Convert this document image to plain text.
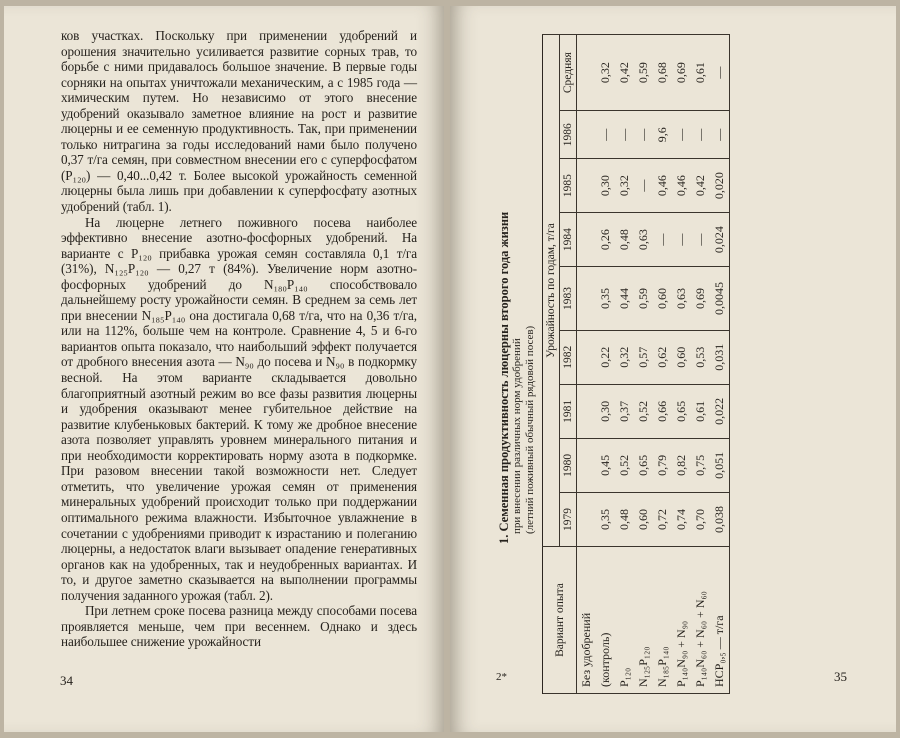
ков участках. Поскольку при применении удобрений и орошения значительно усиливается развитие сорных трав, то борьбе с ними придавалось большое значение. В первые годы сорняки на опытах уничтожали механическим, а с 1985 года — химическим путем. Но независимо от этого внесение удобрений оказывало заметное влияние на рост и развитие люцерны и ее семенную продуктивность. Так, при применении только нитрагина за годы исследований нами было получено 0,37 т/га семян, при совместном внесении его с суперфосфатом (P₁₂₀) — 0,40...0,42 т. Более высокой урожайность семенной люцерны была лишь при добавлении к суперфосфату азотных удобрений (табл. 1).

На люцерне летнего поживного посева наиболее эффективно внесение азотно-фосфорных удобрений. На варианте с P₁₂₀ прибавка урожая семян составляла 0,1 т/га (31%), N₁₂₅P₁₂₀ — 0,27 т (84%). Увеличение норм азотно-фосфорных удобрений до N₁₈₀P₁₄₀ способствовало дальнейшему росту урожайности семян. В среднем за семь лет при внесении N₁₈₅P₁₄₀ она достигала 0,68 т/га, что на 0,36 т/га, или на 112%, больше чем на контроле. Сравнение 4, 5 и 6-го вариантов опыта показало, что наибольший эффект получается от дробного внесения азота — N₉₀ до посева и N₉₀ в подкормку весной. На этом варианте складывается довольно благоприятный азотный режим во все фазы развития люцерны и удобрения оказывают менее губительное действие на развитие клубеньковых бактерий. К тому же дробное внесение азота позволяет управлять уровнем минерального питания и при необходимости корректировать норму азота в подкормке. При разовом внесении такой возможности нет. Следует отметить, что увеличение урожая семян от применения минеральных удобрений происходит только при поддержании оптимального режима влажности. Избыточное увлажнение в сочетании с удобрениями приводит к израстанию и полеганию люцерны, а недостаток влаги вызывает опадение генеративных органов как на удобренных, так и неудобренных вариантах. И то, и другое заметно сказывается на выполнении программы получения заданного урожая (табл. 2).

При летнем сроке посева разница между способами посева проявляется меньше, чем при весеннем. Однако и здесь наибольшее снижение урожайности

34
1. Семенная продуктивность люцерны второго года жизни при внесении различных норм удобрений (летний поживный обычный рядовой посев)
Вариант опыта	Урожайность по годам, т/га								
	1979	1980	1981	1982	1983	1984	1985	1986	Средняя
Без удобрений									
(контроль)	0,35	0,45	0,30	0,22	0,35	0,26	0,30	—	0,32
P₁₂₀	0,48	0,52	0,37	0,32	0,44	0,48	0,32	—	0,42
N₁₂₅P₁₂₀	0,60	0,65	0,52	0,57	0,59	0,63	—	—	0,59
N₁₈₅P₁₄₀	0,72	0,79	0,66	0,62	0,60	—	0,46	9,6	0,68
P₁₄₀N₉₀ + N₉₀	0,74	0,82	0,65	0,60	0,63	—	0,46	—	0,69
P₁₄₀N₆₀ + N₆₀ + N₆₀	0,70	0,75	0,61	0,53	0,69	—	0,42	—	0,61
НСР₀,₅ — т/га	0,038	0,051	0,022	0,031	0,0045	0,024	0,020	—	—
2*	35
